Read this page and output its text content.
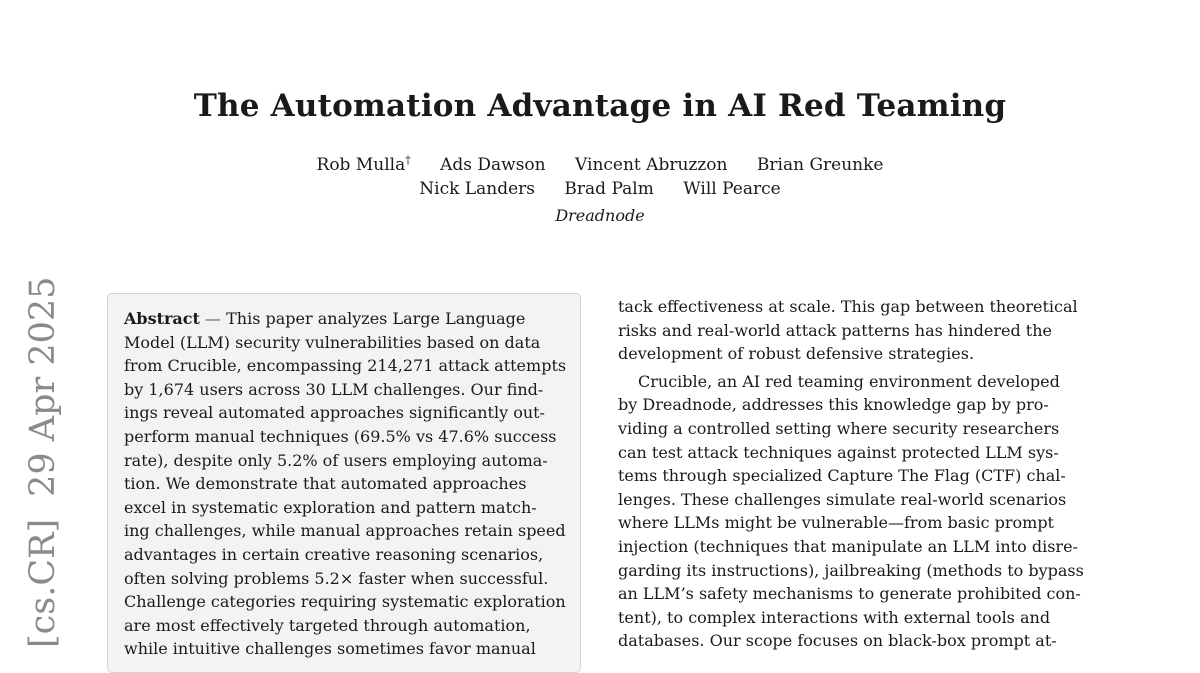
The Automation Advantage in AI Red Teaming
Rob Mulla† Ads Dawson Vincent Abruzzon Brian Greunke
Nick Landers Brad Palm Will Pearce
Dreadnode
[cs.CR]29 Apr 2025	Abstract — This paper analyzes Large Language
Model (LLM) security vulnerabilities based on data
from Crucible, encompassing 214,271 attack attempts
by 1,674 users across 30 LLM challenges. Our find-
ings reveal automated approaches significantly out-
perform manual techniques (69.5% vs 47.6% success
rate), despite only 5.2% of users employing automa-
tion. We demonstrate that automated approaches
excel in systematic exploration and pattern match-
ing challenges, while manual approaches retain speed
advantages in certain creative reasoning scenarios,
often solving problems 5.2× faster when successful.
Challenge categories requiring systematic exploration
are most effectively targeted through automation,
while intuitive challenges sometimes favor manual
tack effectiveness at scale. This gap between theoretical
risks and real-world attack patterns has hindered the
development of robust defensive strategies.
Crucible, an AI red teaming environment developed
by Dreadnode, addresses this knowledge gap by pro-
viding a controlled setting where security researchers
can test attack techniques against protected LLM sys-
tems through specialized Capture The Flag (CTF) chal-
lenges. These challenges simulate real-world scenarios
where LLMs might be vulnerable—from basic prompt
injection (techniques that manipulate an LLM into disre-
garding its instructions), jailbreaking (methods to bypass
an LLM’s safety mechanisms to generate prohibited con-
tent), to complex interactions with external tools and
databases. Our scope focuses on black-box prompt at-
